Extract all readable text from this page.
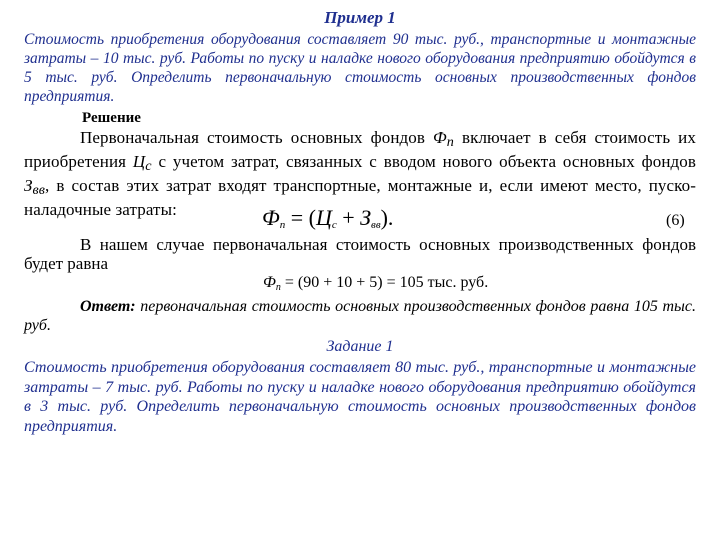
Пример 1
Стоимость приобретения оборудования составляет 90 тыс. руб., транспортные и монтажные затраты – 10 тыс. руб. Работы по пуску и наладке нового оборудования предприятию обойдутся в 5 тыс. руб. Определить первоначальную стоимость основных производственных фондов предприятия.
Решение
Первоначальная стоимость основных фондов $Ф_п$ включает в себя стоимость их приобретения $Ц_с$ с учетом затрат, связанных с вводом нового объекта основных фондов $З_{вв}$, в состав этих затрат входят транспортные, монтажные и, если имеют место, пуско-наладочные затраты:	$Ф_п = (Ц_с + З_{вв})$.	(6)
В нашем случае первоначальная стоимость основных производственных фондов будет равна
$Ф_п = (90 + 10 + 5) = 105$ тыс. руб.
Ответ: первоначальная стоимость основных производственных фондов равна 105 тыс. руб.
Задание 1
Стоимость приобретения оборудования составляет 80 тыс. руб., транспортные и монтажные затраты – 7 тыс. руб. Работы по пуску и наладке нового оборудования предприятию обойдутся в 3 тыс. руб. Определить первоначальную стоимость основных производственных фондов предприятия.
